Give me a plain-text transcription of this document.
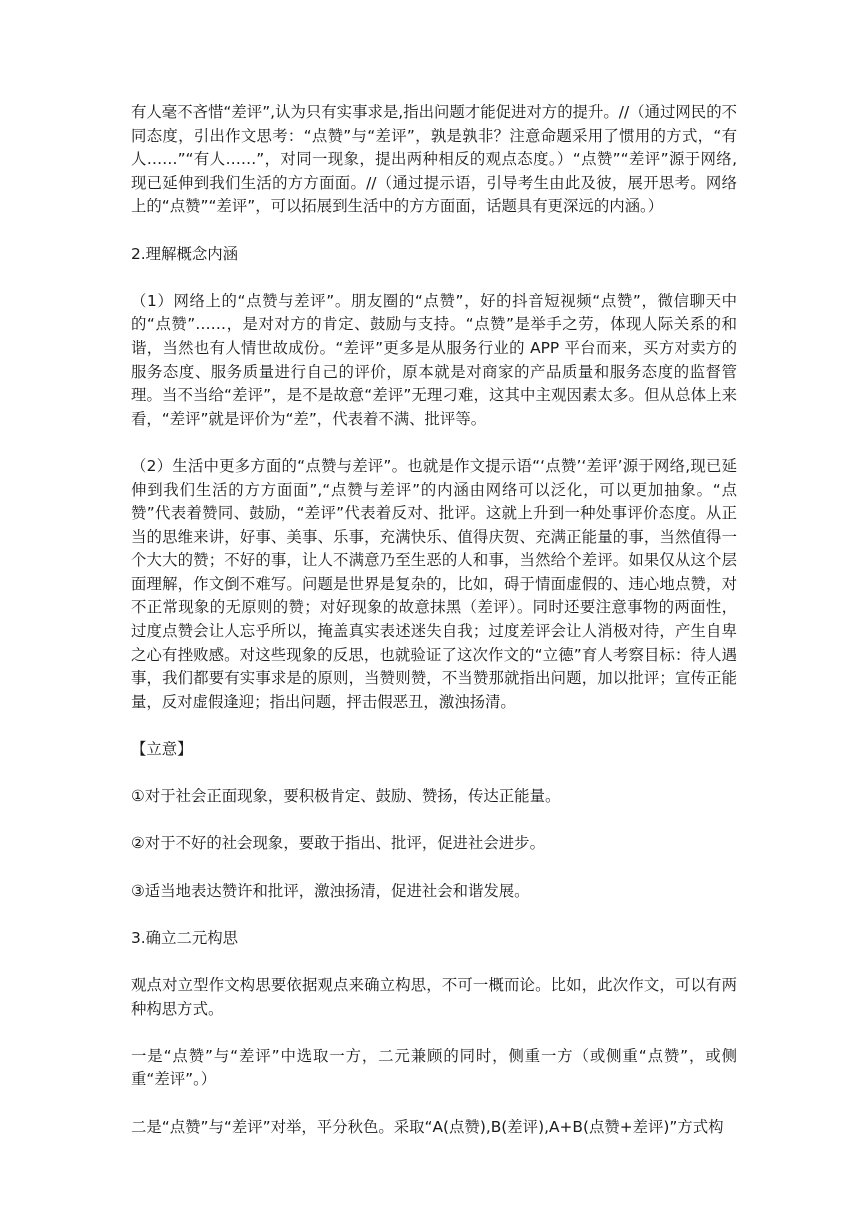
有人毫不吝惜“差评”,认为只有实事求是,指出问题才能促进对方的提升。//（通过网民的不同态度，引出作文思考：“点赞”与“差评”，孰是孰非？注意命题采用了惯用的方式，“有人……”“有人……”，对同一现象，提出两种相反的观点态度。）“点赞”“差评”源于网络,现已延伸到我们生活的方方面面。//（通过提示语，引导考生由此及彼，展开思考。网络上的“点赞”“差评”，可以拓展到生活中的方方面面，话题具有更深远的内涵。）

2.理解概念内涵

（1）网络上的“点赞与差评”。朋友圈的“点赞”，好的抖音短视频“点赞”，微信聊天中的“点赞”……，是对对方的肯定、鼓励与支持。“点赞”是举手之劳，体现人际关系的和谐，当然也有人情世故成份。“差评”更多是从服务行业的 APP 平台而来，买方对卖方的服务态度、服务质量进行自己的评价，原本就是对商家的产品质量和服务态度的监督管理。当不当给“差评”，是不是故意“差评”无理刁难，这其中主观因素太多。但从总体上来看，“差评”就是评价为“差”，代表着不满、批评等。

（2）生活中更多方面的“点赞与差评”。也就是作文提示语“‘点赞’‘差评’源于网络,现已延伸到我们生活的方方面面”,“点赞与差评”的内涵由网络可以泛化，可以更加抽象。“点赞”代表着赞同、鼓励，“差评”代表着反对、批评。这就上升到一种处事评价态度。从正当的思维来讲，好事、美事、乐事，充满快乐、值得庆贺、充满正能量的事，当然值得一个大大的赞；不好的事，让人不满意乃至生恶的人和事，当然给个差评。如果仅从这个层面理解，作文倒不难写。问题是世界是复杂的，比如，碍于情面虚假的、违心地点赞，对不正常现象的无原则的赞；对好现象的故意抹黑（差评）。同时还要注意事物的两面性，过度点赞会让人忘乎所以，掩盖真实表述迷失自我；过度差评会让人消极对待，产生自卑之心有挫败感。对这些现象的反思，也就验证了这次作文的“立德”育人考察目标：待人遇事，我们都要有实事求是的原则，当赞则赞，不当赞那就指出问题，加以批评；宣传正能量，反对虚假逢迎；指出问题，抨击假恶丑，激浊扬清。

【立意】

①对于社会正面现象，要积极肯定、鼓励、赞扬，传达正能量。

②对于不好的社会现象，要敢于指出、批评，促进社会进步。

③适当地表达赞许和批评，激浊扬清，促进社会和谐发展。

3.确立二元构思

观点对立型作文构思要依据观点来确立构思，不可一概而论。比如，此次作文，可以有两种构思方式。

一是“点赞”与“差评”中选取一方，二元兼顾的同时，侧重一方（或侧重“点赞”，或侧重“差评”。）

二是“点赞”与“差评”对举，平分秋色。采取“A(点赞),B(差评),A+B(点赞+差评)”方式构
